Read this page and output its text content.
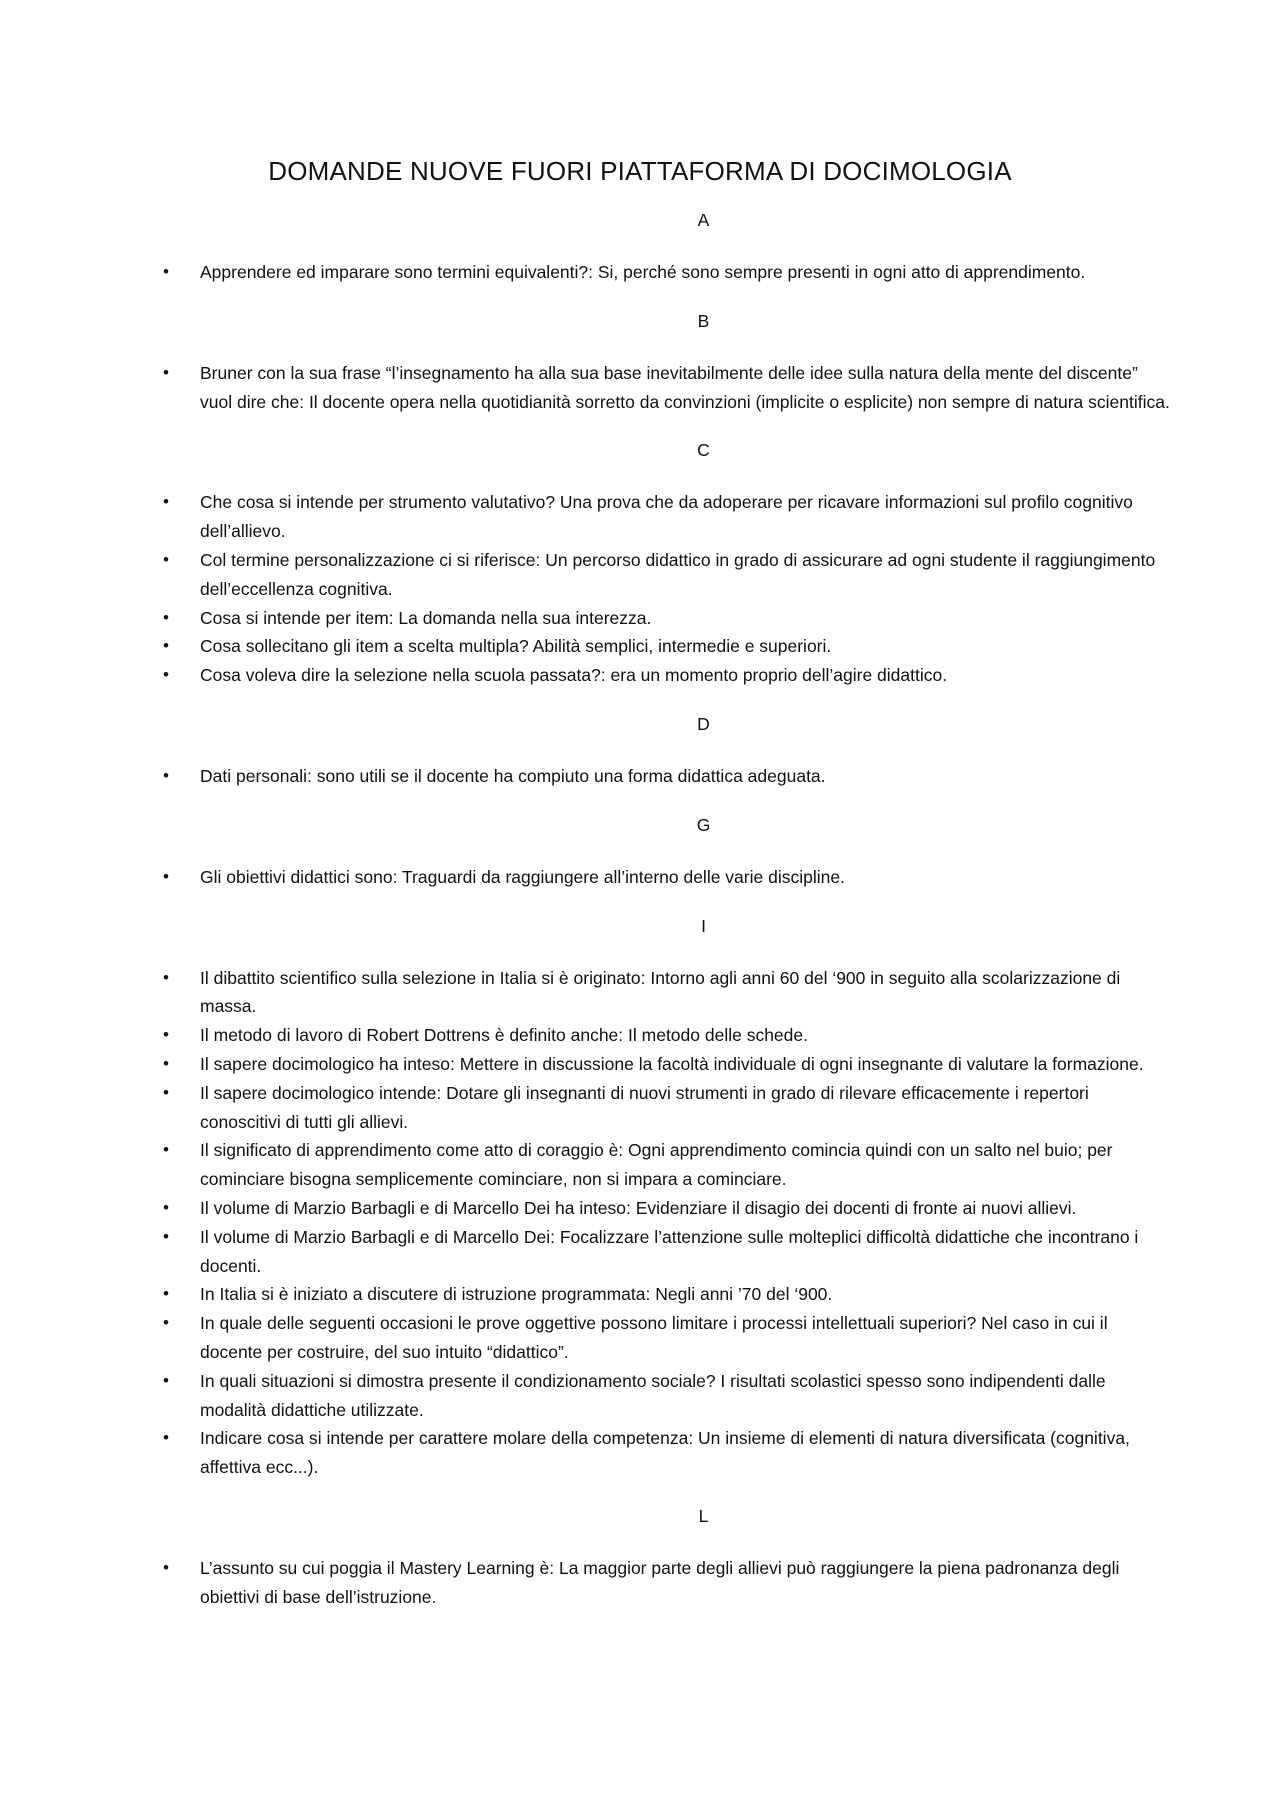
DOMANDE NUOVE FUORI PIATTAFORMA DI DOCIMOLOGIA
A
• Apprendere ed imparare sono termini equivalenti?: Si, perché sono sempre presenti in ogni atto di apprendimento.
B
• Bruner con la sua frase “l’insegnamento ha alla sua base inevitabilmente delle idee sulla natura della mente del discente” vuol dire che: Il docente opera nella quotidianità sorretto da convinzioni (implicite o esplicite) non sempre di natura scientifica.
C
• Che cosa si intende per strumento valutativo? Una prova che da adoperare per ricavare informazioni sul profilo cognitivo dell’allievo.
• Col termine personalizzazione ci si riferisce: Un percorso didattico in grado di assicurare ad ogni studente il raggiungimento dell’eccellenza cognitiva.
• Cosa si intende per item: La domanda nella sua interezza.
• Cosa sollecitano gli item a scelta multipla? Abilità semplici, intermedie e superiori.
• Cosa voleva dire la selezione nella scuola passata?: era un momento proprio dell’agire didattico.
D
• Dati personali: sono utili se il docente ha compiuto una forma didattica adeguata.
G
• Gli obiettivi didattici sono: Traguardi da raggiungere all’interno delle varie discipline.
I
• Il dibattito scientifico sulla selezione in Italia si è originato: Intorno agli anni 60 del ‘900 in seguito alla scolarizzazione di massa.
• Il metodo di lavoro di Robert Dottrens è definito anche: Il metodo delle schede.
• Il sapere docimologico ha inteso: Mettere in discussione la facoltà individuale di ogni insegnante di valutare la formazione.
• Il sapere docimologico intende: Dotare gli insegnanti di nuovi strumenti in grado di rilevare efficacemente i repertori conoscitivi di tutti gli allievi.
• Il significato di apprendimento come atto di coraggio è: Ogni apprendimento comincia quindi con un salto nel buio; per cominciare bisogna semplicemente cominciare, non si impara a cominciare.
• Il volume di Marzio Barbagli e di Marcello Dei ha inteso: Evidenziare il disagio dei docenti di fronte ai nuovi allievi.
• Il volume di Marzio Barbagli e di Marcello Dei: Focalizzare l’attenzione sulle molteplici difficoltà didattiche che incontrano i docenti.
• In Italia si è iniziato a discutere di istruzione programmata: Negli anni ’70 del ‘900.
• In quale delle seguenti occasioni le prove oggettive possono limitare i processi intellettuali superiori? Nel caso in cui il docente per costruire, del suo intuito “didattico”.
• In quali situazioni si dimostra presente il condizionamento sociale? I risultati scolastici spesso sono indipendenti dalle modalità didattiche utilizzate.
• Indicare cosa si intende per carattere molare della competenza: Un insieme di elementi di natura diversificata (cognitiva, affettiva ecc...).
L
• L’assunto su cui poggia il Mastery Learning è: La maggior parte degli allievi può raggiungere la piena padronanza degli obiettivi di base dell’istruzione.
